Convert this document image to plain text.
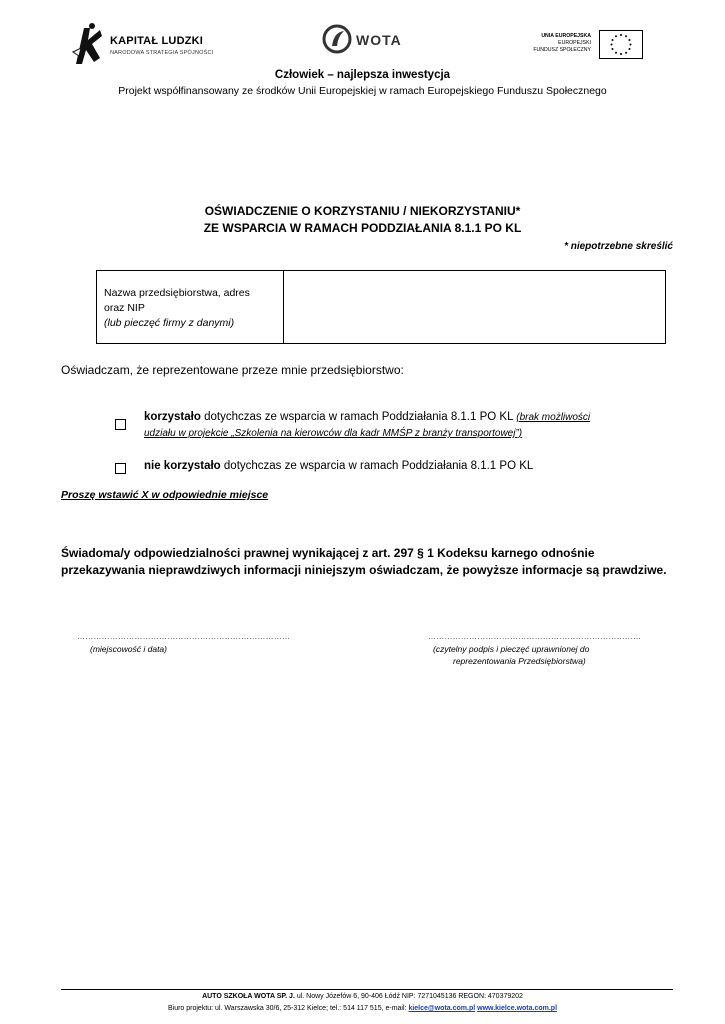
KAPITAŁ LUDZKI
NARODOWA STRATEGIA SPÓJNOŚCI
WOTA	UNIA EUROPEJSKA
EUROPEJSKI
FUNDUSZ SPOŁECZNY
Człowiek – najlepsza inwestycja
Projekt współfinansowany ze środków Unii Europejskiej w ramach Europejskiego Funduszu Społecznego
OŚWIADCZENIE O KORZYSTANIU / NIEKORZYSTANIU*
ZE WSPARCIA W RAMACH PODDZIAŁANIA 8.1.1 PO KL
* niepotrzebne skreślić
Nazwa przedsiębiorstwa, adres
oraz NIP
(lub pieczęć firmy z danymi)
Oświadczam, że reprezentowane przeze mnie przedsiębiorstwo:
korzystało dotychczas ze wsparcia w ramach Poddziałania 8.1.1 PO KL (brak możliwości
udziału w projekcie „Szkolenia na kierowców dla kadr MMŚP z branży transportowej”)
nie korzystało dotychczas ze wsparcia w ramach Poddziałania 8.1.1 PO KL
Proszę wstawić X w odpowiednie miejsce
Świadoma/y odpowiedzialności prawnej wynikającej z art. 297 § 1 Kodeksu karnego odnośnie przekazywania nieprawdziwych informacji niniejszym oświadczam, że powyższe informacje są prawdziwe.
……………………………………………………………………	……………………………………………………………………
(miejscowość i data)	(czytelny podpis i pieczęć uprawnionej do
reprezentowania Przedsiębiorstwa)
AUTO SZKOŁA WOTA SP. J. ul. Nowy Józefów 6, 90-406 Łódź NIP: 7271045136 REGON: 470379202
Biuro projektu: ul. Warszawska 30/6, 25-312 Kielce; tel.: 514 117 515, e-mail: kielce@wota.com.pl www.kielce.wota.com.pl
